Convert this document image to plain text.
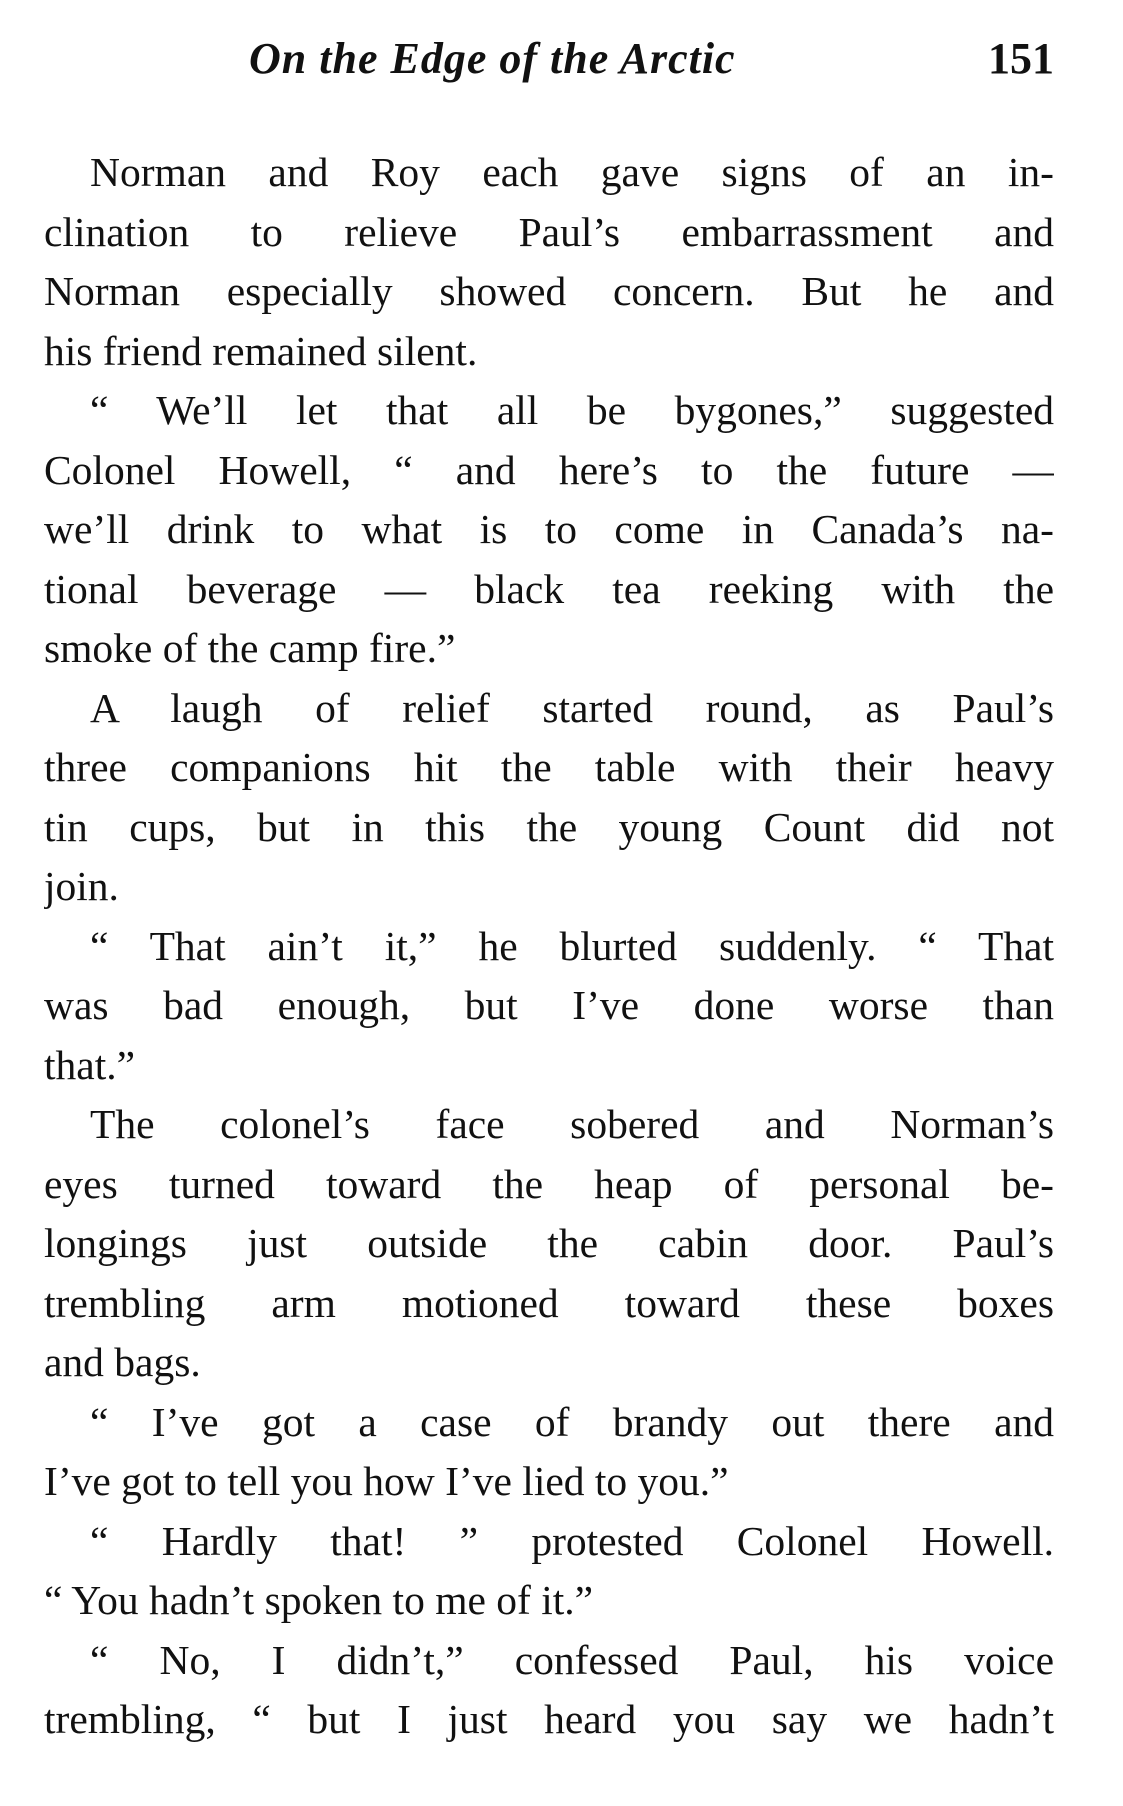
On the Edge of the Arctic	151
Norman and Roy each gave signs of an in-
clination to relieve Paul’s embarrassment and
Norman especially showed concern. But he and
his friend remained silent.
“ We’ll let that all be bygones,” suggested
Colonel Howell, “ and here’s to the future —
we’ll drink to what is to come in Canada’s na-
tional beverage — black tea reeking with the
smoke of the camp fire.”
A laugh of relief started round, as Paul’s
three companions hit the table with their heavy
tin cups, but in this the young Count did not
join.
“ That ain’t it,” he blurted suddenly. “ That
was bad enough, but I’ve done worse than
that.”
The colonel’s face sobered and Norman’s
eyes turned toward the heap of personal be-
longings just outside the cabin door. Paul’s
trembling arm motioned toward these boxes
and bags.
“ I’ve got a case of brandy out there and
I’ve got to tell you how I’ve lied to you.”
“ Hardly that! ” protested Colonel Howell.
“ You hadn’t spoken to me of it.”
“ No, I didn’t,” confessed Paul, his voice
trembling, “ but I just heard you say we hadn’t
